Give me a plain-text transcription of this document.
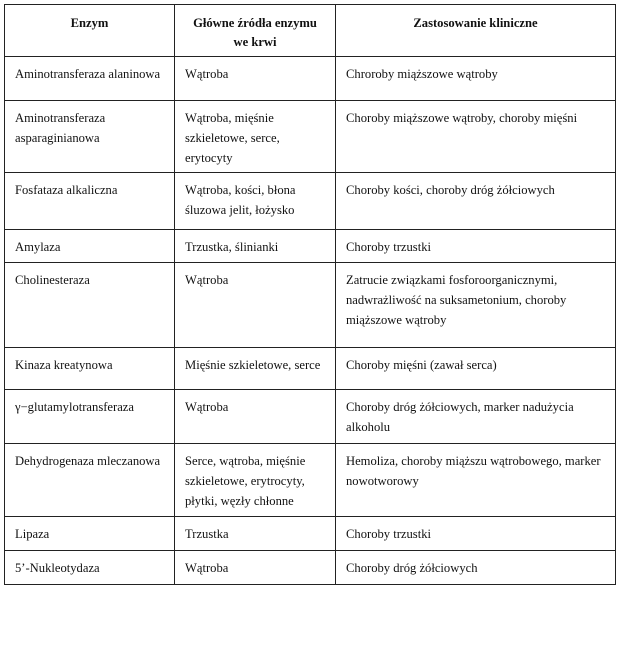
Enzym	Główne źródła enzymu we krwi	Zastosowanie kliniczne
Aminotransferaza alaninowa	Wątroba	Chroroby miąższowe wątroby
Aminotransferaza asparaginianowa	Wątroba, mięśnie szkieletowe, serce, erytocyty	Choroby miąższowe wątroby, choroby mięśni
Fosfataza alkaliczna	Wątroba, kości, błona śluzowa jelit, łożysko	Choroby kości, choroby dróg żółciowych
Amylaza	Trzustka, ślinianki	Choroby trzustki
Cholinesteraza	Wątroba	Zatrucie związkami fosforoorganicznymi, nadwrażliwość na suksametonium, choroby miąższowe wątroby
Kinaza kreatynowa	Mięśnie szkieletowe, serce	Choroby mięśni (zawał serca)
γ−glutamylotransferaza	Wątroba	Choroby dróg żółciowych, marker nadużycia alkoholu
Dehydrogenaza mleczanowa	Serce, wątroba, mięśnie szkieletowe, erytrocyty, płytki, węzły chłonne	Hemoliza, choroby miąższu wątrobowego, marker nowotworowy
Lipaza	Trzustka	Choroby trzustki
5’-Nukleotydaza	Wątroba	Choroby dróg żółciowych
